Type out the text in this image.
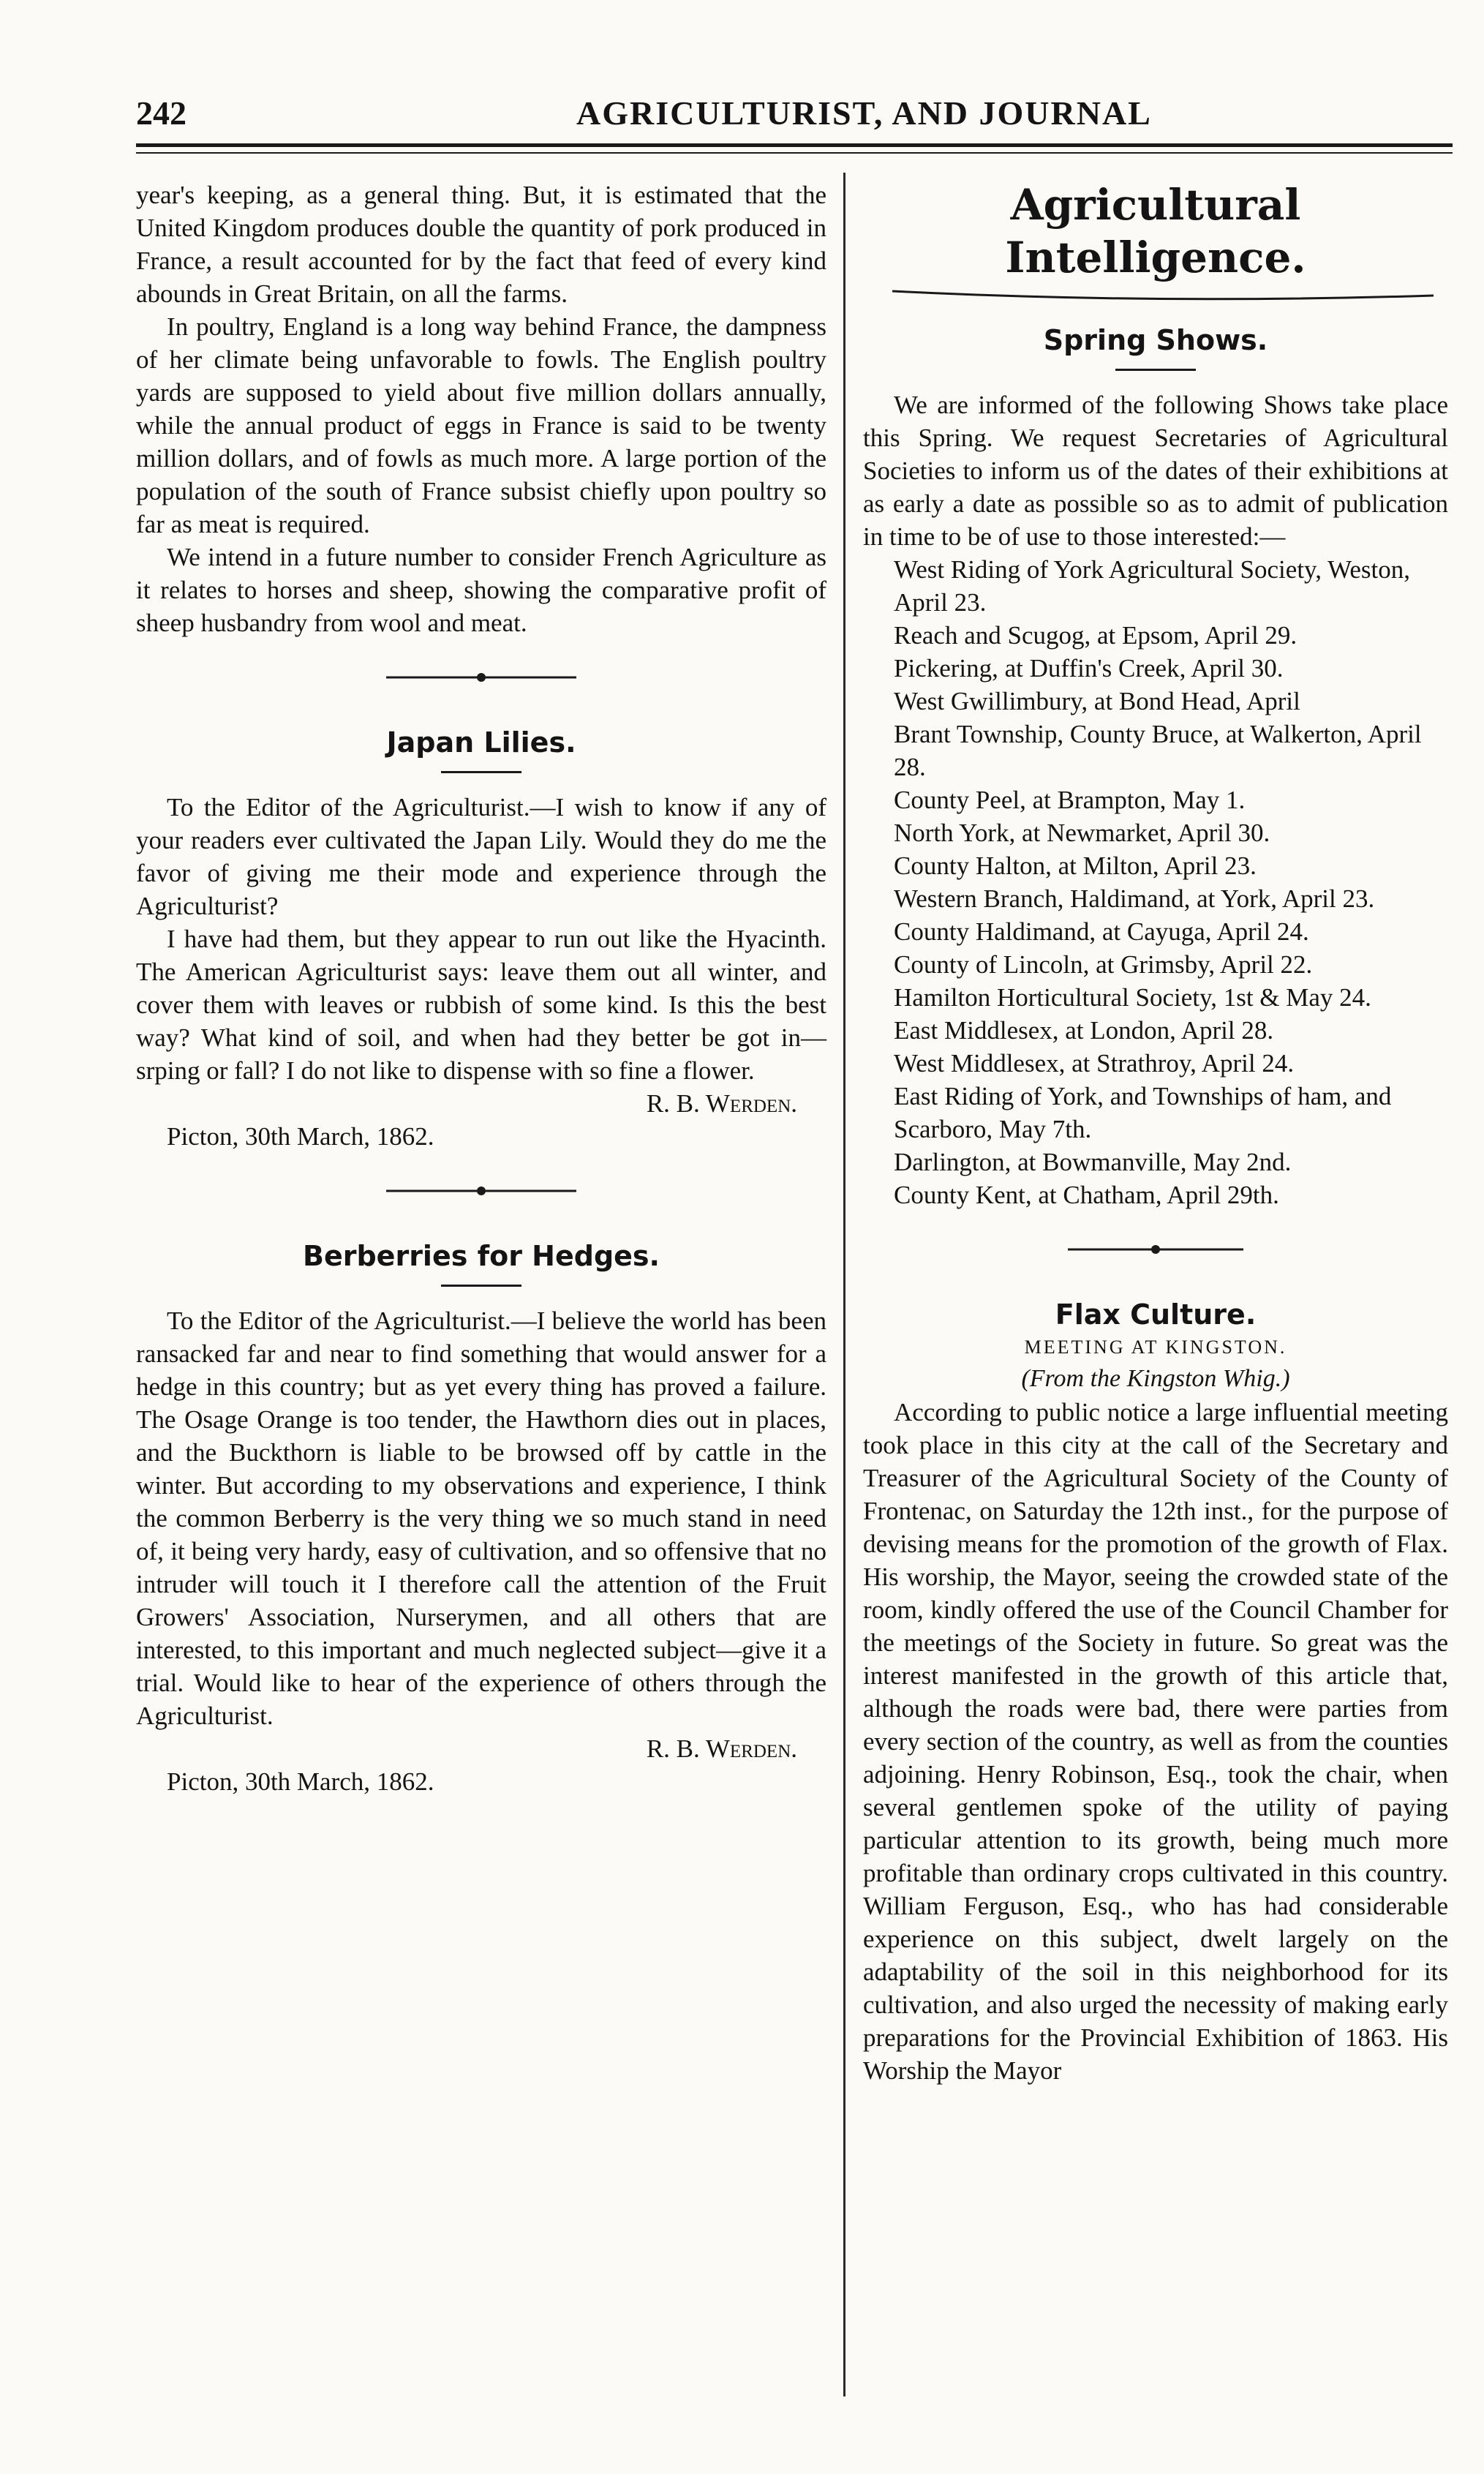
242	AGRICULTURIST, AND JOURNAL

year's keeping, as a general thing. But, it is estimated that the United Kingdom produces double the quantity of pork produced in France, a result accounted for by the fact that feed of every kind abounds in Great Britain, on all the farms.

In poultry, England is a long way behind France, the dampness of her climate being unfavorable to fowls. The English poultry yards are supposed to yield about five million dollars annually, while the annual product of eggs in France is said to be twenty million dollars, and of fowls as much more. A large portion of the population of the south of France subsist chiefly upon poultry so far as meat is required.

We intend in a future number to consider French Agriculture as it relates to horses and sheep, showing the comparative profit of sheep husbandry from wool and meat.

Japan Lilies.

To the Editor of the Agriculturist.—I wish to know if any of your readers ever cultivated the Japan Lily. Would they do me the favor of giving me their mode and experience through the Agriculturist?

I have had them, but they appear to run out like the Hyacinth. The American Agriculturist says: leave them out all winter, and cover them with leaves or rubbish of some kind. Is this the best way? What kind of soil, and when had they better be got in—srping or fall? I do not like to dispense with so fine a flower.

R. B. Werden.

Picton, 30th March, 1862.

Berberries for Hedges.

To the Editor of the Agriculturist.—I believe the world has been ransacked far and near to find something that would answer for a hedge in this country; but as yet every thing has proved a failure. The Osage Orange is too tender, the Hawthorn dies out in places, and the Buckthorn is liable to be browsed off by cattle in the winter. But according to my observations and experience, I think the common Berberry is the very thing we so much stand in need of, it being very hardy, easy of cultivation, and so offensive that no intruder will touch it I therefore call the attention of the Fruit Growers' Association, Nurserymen, and all others that are interested, to this important and much neglected subject—give it a trial. Would like to hear of the experience of others through the Agriculturist.

R. B. Werden.

Picton, 30th March, 1862.

Agricultural Intelligence.
Spring Shows.

We are informed of the following Shows take place this Spring. We request Secretaries of Agricultural Societies to inform us of the dates of their exhibitions at as early a date as possible so as to admit of publication in time to be of use to those interested:—

West Riding of York Agricultural Society, Weston, April 23.
Reach and Scugog, at Epsom, April 29.
Pickering, at Duffin's Creek, April 30.
West Gwillimbury, at Bond Head, April
Brant Township, County Bruce, at Walkerton, April 28.
County Peel, at Brampton, May 1.
North York, at Newmarket, April 30.
County Halton, at Milton, April 23.
Western Branch, Haldimand, at York, April 23.
County Haldimand, at Cayuga, April 24.
County of Lincoln, at Grimsby, April 22.
Hamilton Horticultural Society, 1st & May 24.
East Middlesex, at London, April 28.
West Middlesex, at Strathroy, April 24.
East Riding of York, and Townships of ham, and Scarboro, May 7th.
Darlington, at Bowmanville, May 2nd.
County Kent, at Chatham, April 29th.
Flax Culture.
MEETING AT KINGSTON.
(From the Kingston Whig.)

According to public notice a large influential meeting took place in this city at the call of the Secretary and Treasurer of the Agricultural Society of the County of Frontenac, on Saturday the 12th inst., for the purpose of devising means for the promotion of the growth of Flax. His worship, the Mayor, seeing the crowded state of the room, kindly offered the use of the Council Chamber for the meetings of the Society in future. So great was the interest manifested in the growth of this article that, although the roads were bad, there were parties from every section of the country, as well as from the counties adjoining. Henry Robinson, Esq., took the chair, when several gentlemen spoke of the utility of paying particular attention to its growth, being much more profitable than ordinary crops cultivated in this country. William Ferguson, Esq., who has had considerable experience on this subject, dwelt largely on the adaptability of the soil in this neighborhood for its cultivation, and also urged the necessity of making early preparations for the Provincial Exhibition of 1863. His Worship the Mayor
